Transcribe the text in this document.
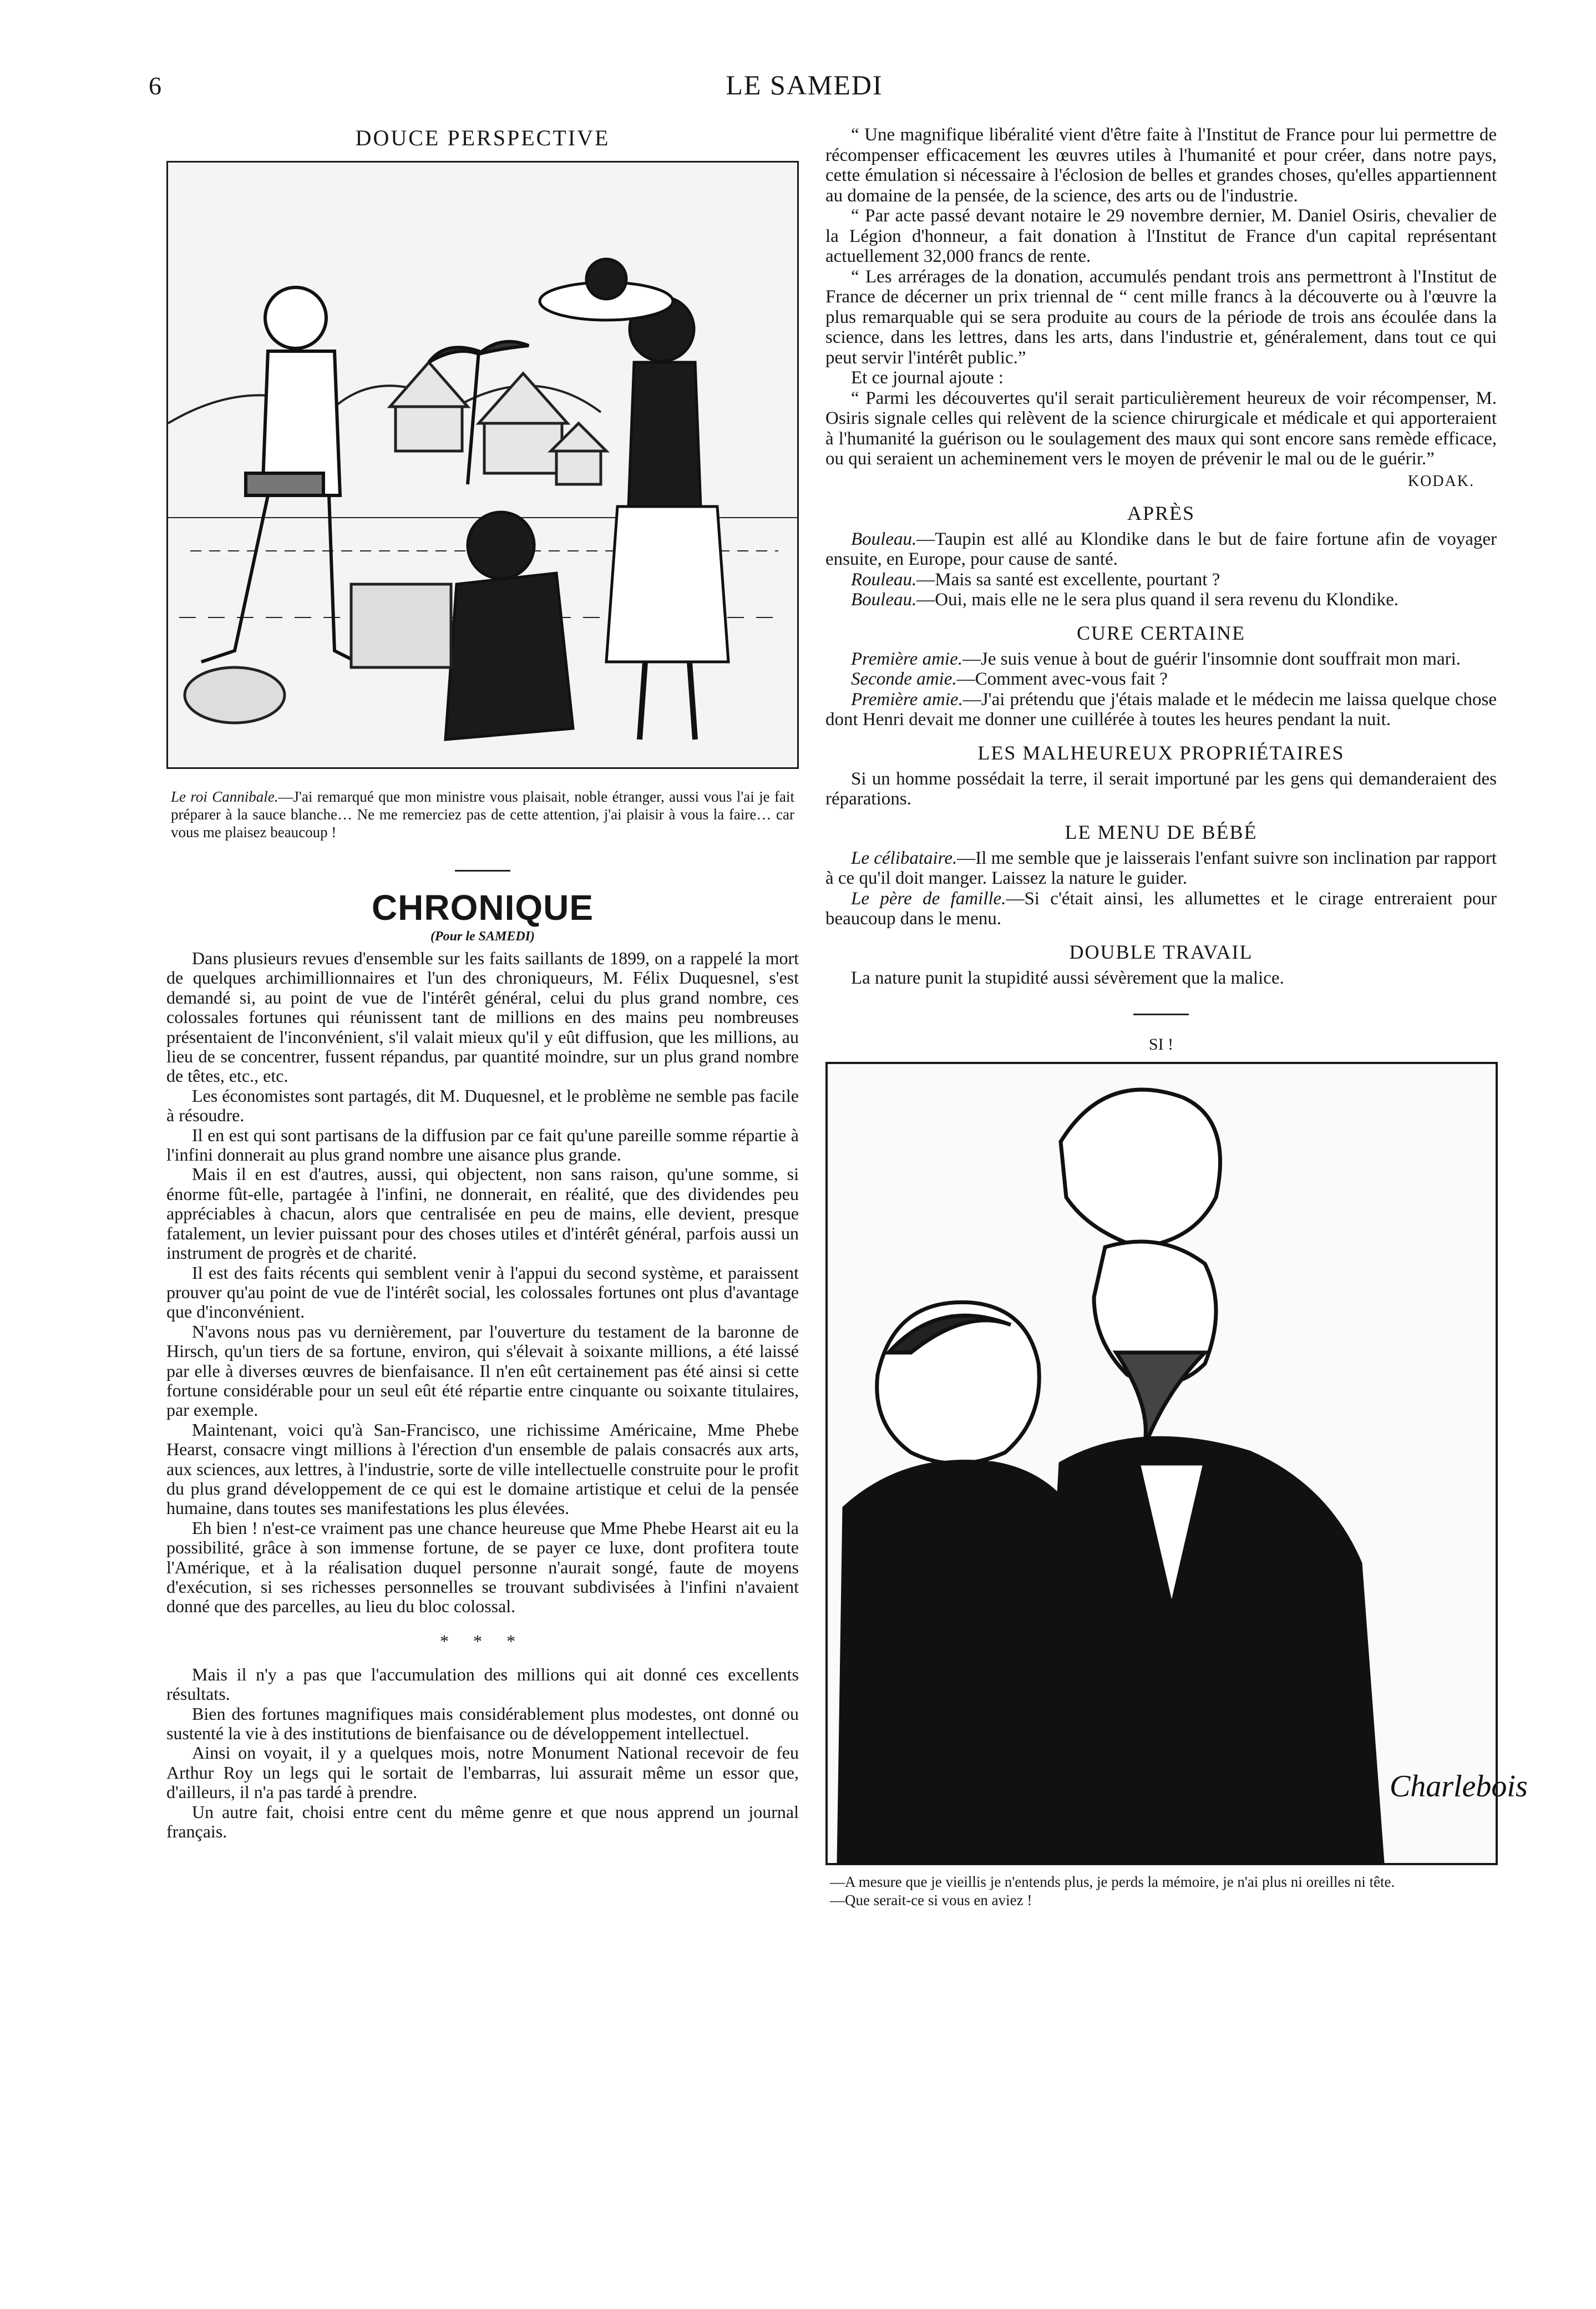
6	LE SAMEDI
DOUCE PERSPECTIVE
Le roi Cannibale.—J'ai remarqué que mon ministre vous plaisait, noble étranger, aussi vous l'ai je fait préparer à la sauce blanche… Ne me remerciez pas de cette attention, j'ai plaisir à vous la faire… car vous me plaisez beaucoup !
CHRONIQUE
(Pour le SAMEDI)

Dans plusieurs revues d'ensemble sur les faits saillants de 1899, on a rappelé la mort de quelques archimillionnaires et l'un des chroniqueurs, M. Félix Duquesnel, s'est demandé si, au point de vue de l'intérêt général, celui du plus grand nombre, ces colossales fortunes qui réunissent tant de millions en des mains peu nombreuses présentaient de l'inconvénient, s'il valait mieux qu'il y eût diffusion, que les millions, au lieu de se concentrer, fussent répandus, par quantité moindre, sur un plus grand nombre de têtes, etc., etc.

Les économistes sont partagés, dit M. Duquesnel, et le problème ne semble pas facile à résoudre.

Il en est qui sont partisans de la diffusion par ce fait qu'une pareille somme répartie à l'infini donnerait au plus grand nombre une aisance plus grande.

Mais il en est d'autres, aussi, qui objectent, non sans raison, qu'une somme, si énorme fût-elle, partagée à l'infini, ne donnerait, en réalité, que des dividendes peu appréciables à chacun, alors que centralisée en peu de mains, elle devient, presque fatalement, un levier puissant pour des choses utiles et d'intérêt général, parfois aussi un instrument de progrès et de charité.

Il est des faits récents qui semblent venir à l'appui du second système, et paraissent prouver qu'au point de vue de l'intérêt social, les colossales fortunes ont plus d'avantage que d'inconvénient.

N'avons nous pas vu dernièrement, par l'ouverture du testament de la baronne de Hirsch, qu'un tiers de sa fortune, environ, qui s'élevait à soixante millions, a été laissé par elle à diverses œuvres de bienfaisance. Il n'en eût certainement pas été ainsi si cette fortune considérable pour un seul eût été répartie entre cinquante ou soixante titulaires, par exemple.

Maintenant, voici qu'à San-Francisco, une richissime Américaine, Mme Phebe Hearst, consacre vingt millions à l'érection d'un ensemble de palais consacrés aux arts, aux sciences, aux lettres, à l'industrie, sorte de ville intellectuelle construite pour le profit du plus grand développement de ce qui est le domaine artistique et celui de la pensée humaine, dans toutes ses manifestations les plus élevées.

Eh bien ! n'est-ce vraiment pas une chance heureuse que Mme Phebe Hearst ait eu la possibilité, grâce à son immense fortune, de se payer ce luxe, dont profitera toute l'Amérique, et à la réalisation duquel personne n'aurait songé, faute de moyens d'exécution, si ses richesses personnelles se trouvant subdivisées à l'infini n'avaient donné que des parcelles, au lieu du bloc colossal.

* * *

Mais il n'y a pas que l'accumulation des millions qui ait donné ces excellents résultats.

Bien des fortunes magnifiques mais considérablement plus modestes, ont donné ou sustenté la vie à des institutions de bienfaisance ou de développement intellectuel.

Ainsi on voyait, il y a quelques mois, notre Monument National recevoir de feu Arthur Roy un legs qui le sortait de l'embarras, lui assurait même un essor que, d'ailleurs, il n'a pas tardé à prendre.

Un autre fait, choisi entre cent du même genre et que nous apprend un journal français.

“ Une magnifique libéralité vient d'être faite à l'Institut de France pour lui permettre de récompenser efficacement les œuvres utiles à l'humanité et pour créer, dans notre pays, cette émulation si nécessaire à l'éclosion de belles et grandes choses, qu'elles appartiennent au domaine de la pensée, de la science, des arts ou de l'industrie.

“ Par acte passé devant notaire le 29 novembre dernier, M. Daniel Osiris, chevalier de la Légion d'honneur, a fait donation à l'Institut de France d'un capital représentant actuellement 32,000 francs de rente.

“ Les arrérages de la donation, accumulés pendant trois ans permettront à l'Institut de France de décerner un prix triennal de “ cent mille francs à la découverte ou à l'œuvre la plus remarquable qui se sera produite au cours de la période de trois ans écoulée dans la science, dans les lettres, dans les arts, dans l'industrie et, généralement, dans tout ce qui peut servir l'intérêt public.”

Et ce journal ajoute :

“ Parmi les découvertes qu'il serait particulièrement heureux de voir récompenser, M. Osiris signale celles qui relèvent de la science chirurgicale et médicale et qui apporteraient à l'humanité la guérison ou le soulagement des maux qui sont encore sans remède efficace, ou qui seraient un acheminement vers le moyen de prévenir le mal ou de le guérir.”

KODAK.
APRÈS

Bouleau.—Taupin est allé au Klondike dans le but de faire fortune afin de voyager ensuite, en Europe, pour cause de santé.

Rouleau.—Mais sa santé est excellente, pourtant ?

Bouleau.—Oui, mais elle ne le sera plus quand il sera revenu du Klondike.

CURE CERTAINE

Première amie.—Je suis venue à bout de guérir l'insomnie dont souffrait mon mari.

Seconde amie.—Comment avec-vous fait ?

Première amie.—J'ai prétendu que j'étais malade et le médecin me laissa quelque chose dont Henri devait me donner une cuillérée à toutes les heures pendant la nuit.

LES MALHEUREUX PROPRIÉTAIRES

Si un homme possédait la terre, il serait importuné par les gens qui demanderaient des réparations.

LE MENU DE BÉBÉ

Le célibataire.—Il me semble que je laisserais l'enfant suivre son inclination par rapport à ce qu'il doit manger. Laissez la nature le guider.

Le père de famille.—Si c'était ainsi, les allumettes et le cirage entreraient pour beaucoup dans le menu.

DOUBLE TRAVAIL

La nature punit la stupidité aussi sévèrement que la malice.

SI !
J. Charlebois
—A mesure que je vieillis je n'entends plus, je perds la mémoire, je n'ai plus ni oreilles ni tête.
—Que serait-ce si vous en aviez !
